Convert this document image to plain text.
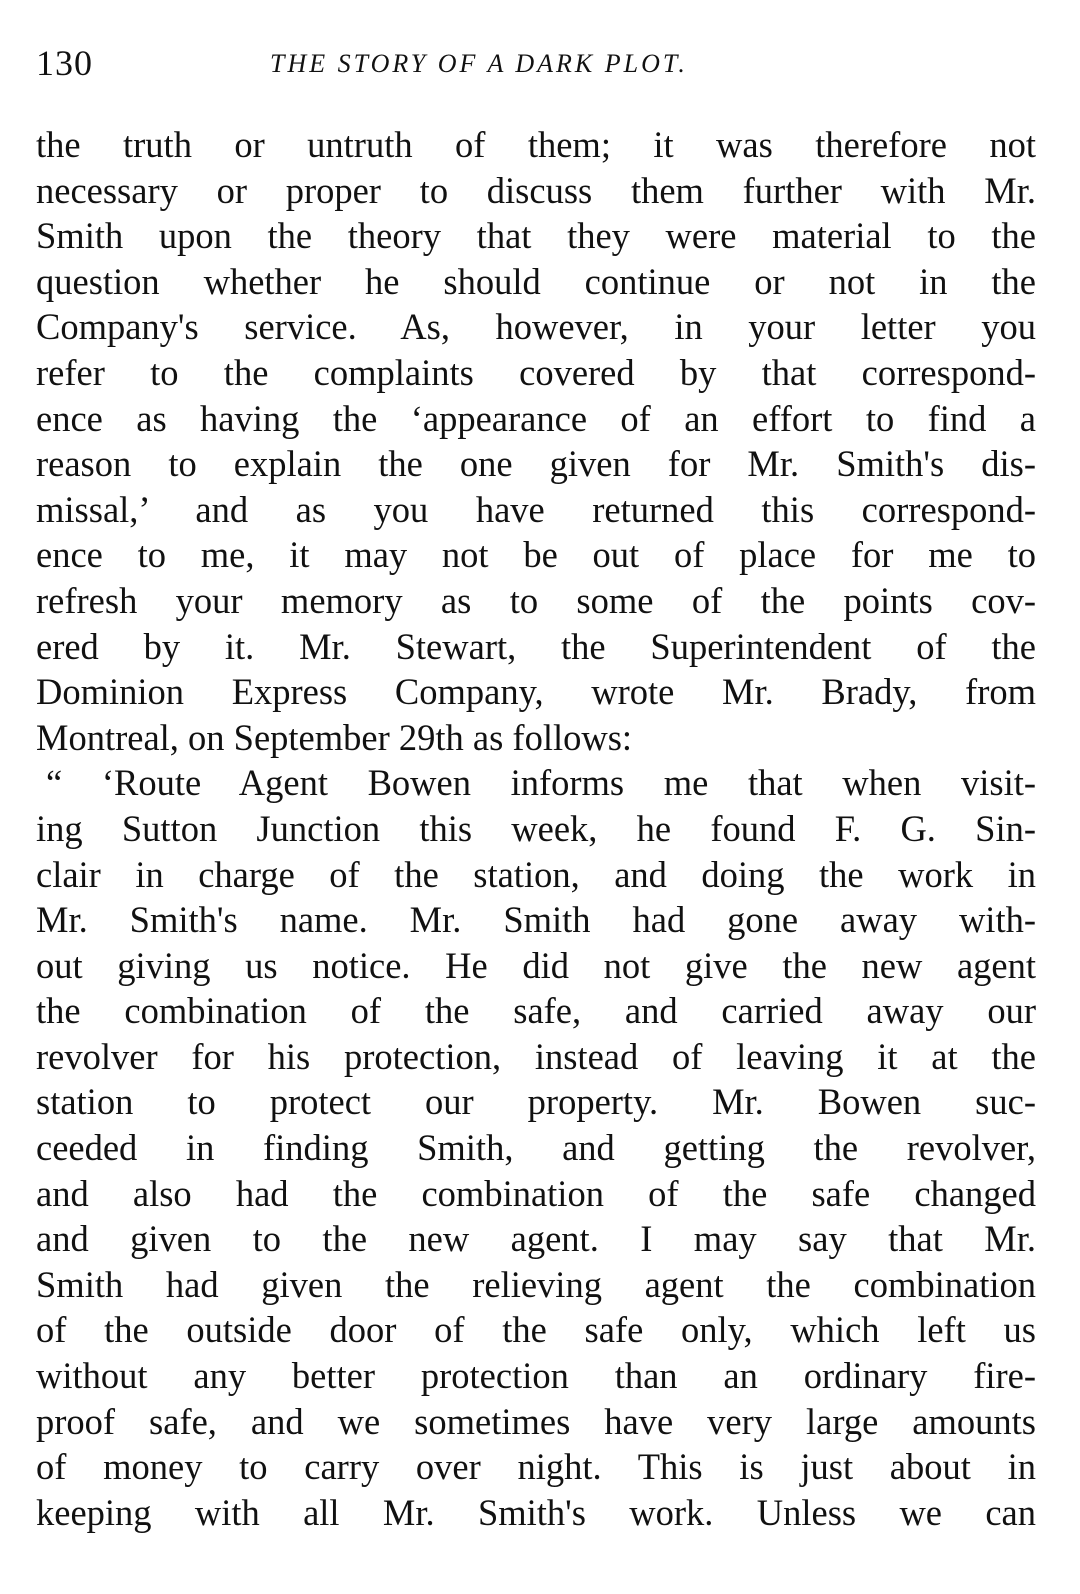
130	THE STORY OF A DARK PLOT.
the truth or untruth of them; it was therefore not
necessary or proper to discuss them further with Mr.
Smith upon the theory that they were material to the
question whether he should continue or not in the
Company's service. As, however, in your letter you
refer to the complaints covered by that correspond-
ence as having the ‘appearance of an effort to find a
reason to explain the one given for Mr. Smith's dis-
missal,’ and as you have returned this correspond-
ence to me, it may not be out of place for me to
refresh your memory as to some of the points cov-
ered by it. Mr. Stewart, the Superintendent of the
Dominion Express Company, wrote Mr. Brady, from
Montreal, on September 29th as follows:
“ ‘Route Agent Bowen informs me that when visit-
ing Sutton Junction this week, he found F. G. Sin-
clair in charge of the station, and doing the work in
Mr. Smith's name. Mr. Smith had gone away with-
out giving us notice. He did not give the new agent
the combination of the safe, and carried away our
revolver for his protection, instead of leaving it at the
station to protect our property. Mr. Bowen suc-
ceeded in finding Smith, and getting the revolver,
and also had the combination of the safe changed
and given to the new agent. I may say that Mr.
Smith had given the relieving agent the combination
of the outside door of the safe only, which left us
without any better protection than an ordinary fire-
proof safe, and we sometimes have very large amounts
of money to carry over night. This is just about in
keeping with all Mr. Smith's work. Unless we can
